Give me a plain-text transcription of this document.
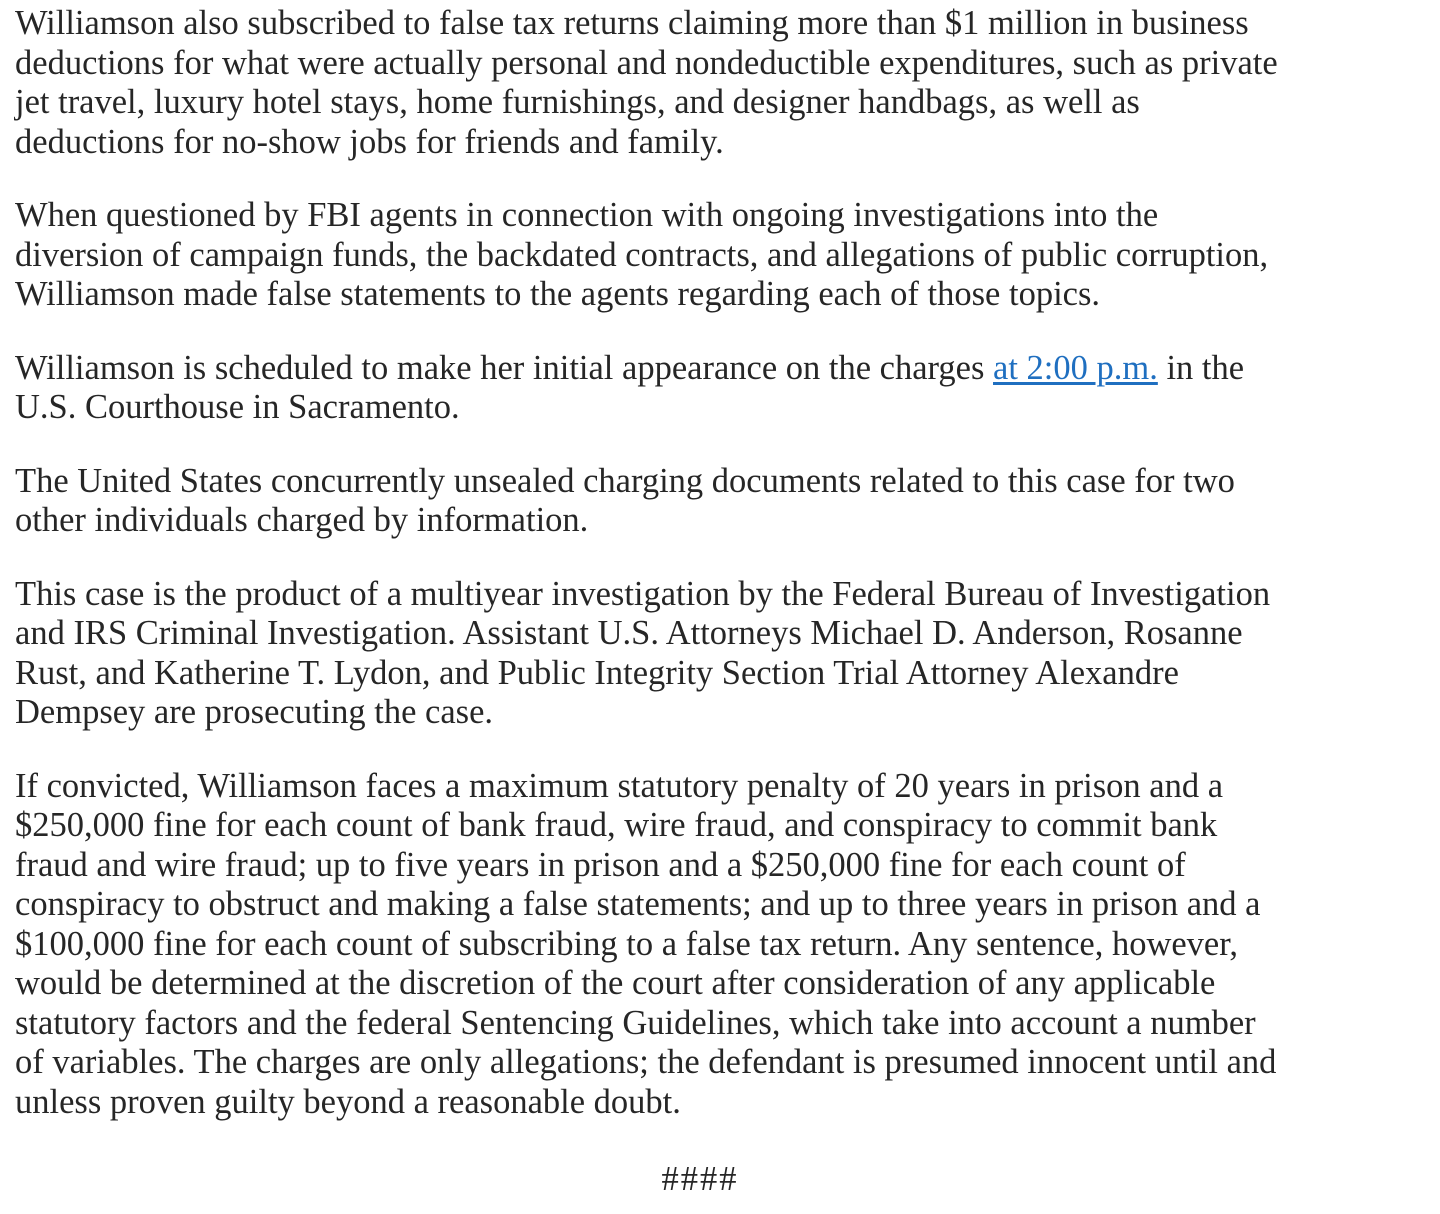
Williamson also subscribed to false tax returns claiming more than $1 million in business
deductions for what were actually personal and nondeductible expenditures, such as private
jet travel, luxury hotel stays, home furnishings, and designer handbags, as well as
deductions for no-show jobs for friends and family.

When questioned by FBI agents in connection with ongoing investigations into the
diversion of campaign funds, the backdated contracts, and allegations of public corruption,
Williamson made false statements to the agents regarding each of those topics.

Williamson is scheduled to make her initial appearance on the charges at 2:00 p.m. in the
U.S. Courthouse in Sacramento.

The United States concurrently unsealed charging documents related to this case for two
other individuals charged by information.

This case is the product of a multiyear investigation by the Federal Bureau of Investigation
and IRS Criminal Investigation. Assistant U.S. Attorneys Michael D. Anderson, Rosanne
Rust, and Katherine T. Lydon, and Public Integrity Section Trial Attorney Alexandre
Dempsey are prosecuting the case.

If convicted, Williamson faces a maximum statutory penalty of 20 years in prison and a
$250,000 fine for each count of bank fraud, wire fraud, and conspiracy to commit bank
fraud and wire fraud; up to five years in prison and a $250,000 fine for each count of
conspiracy to obstruct and making a false statements; and up to three years in prison and a
$100,000 fine for each count of subscribing to a false tax return. Any sentence, however,
would be determined at the discretion of the court after consideration of any applicable
statutory factors and the federal Sentencing Guidelines, which take into account a number
of variables. The charges are only allegations; the defendant is presumed innocent until and
unless proven guilty beyond a reasonable doubt.

####
